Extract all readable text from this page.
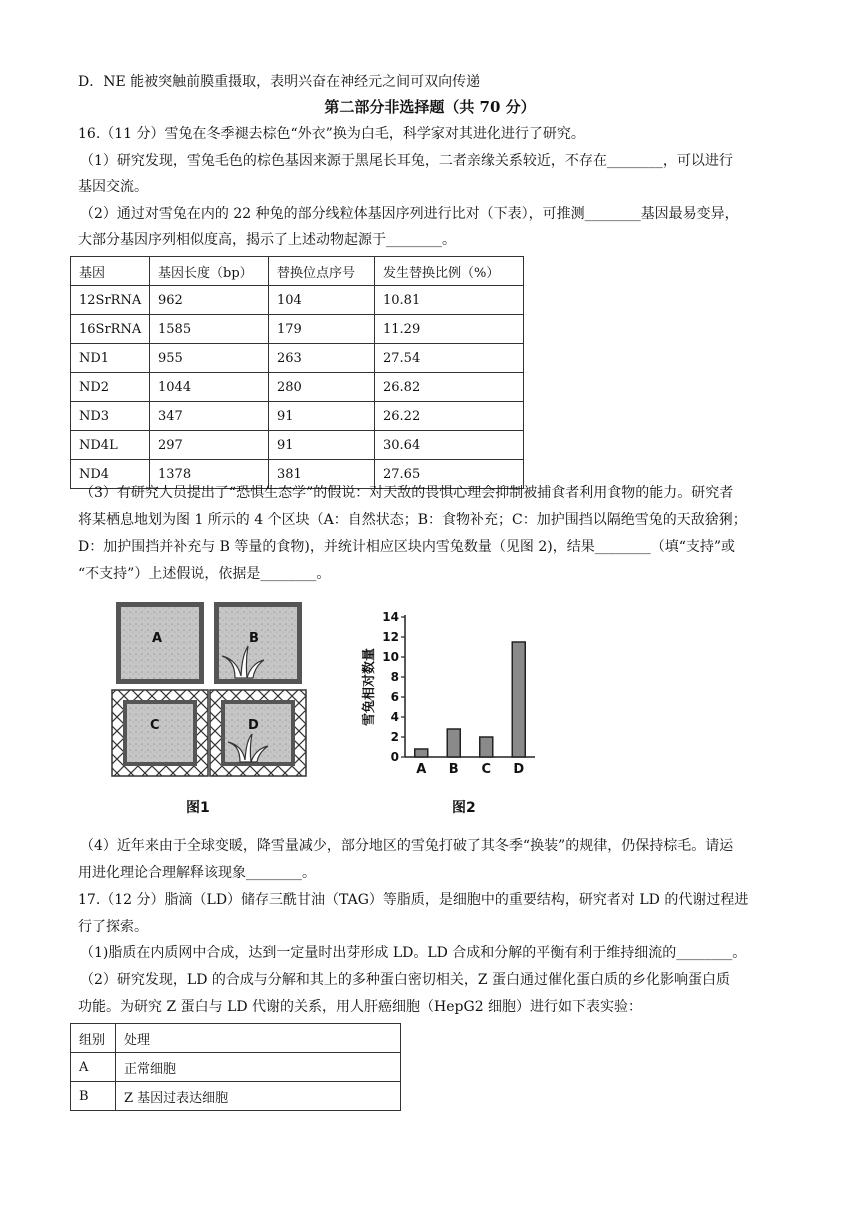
D．NE 能被突触前膜重摄取，表明兴奋在神经元之间可双向传递
第二部分非选择题（共 70 分）
16.（11 分）雪兔在冬季褪去棕色“外衣”换为白毛，科学家对其进化进行了研究。
（1）研究发现，雪兔毛色的棕色基因来源于黑尾长耳兔，二者亲缘关系较近，不存在________，可以进行
基因交流。
（2）通过对雪兔在内的 22 种兔的部分线粒体基因序列进行比对（下表），可推测________基因最易变异，
大部分基因序列相似度高，揭示了上述动物起源于________。
基因	基因长度（bp）	替换位点序号	发生替换比例（%）
12SrRNA	962	104	10.81
16SrRNA	1585	179	11.29
ND1	955	263	27.54
ND2	1044	280	26.82
ND3	347	91	26.22
ND4L	297	91	30.64
ND4	1378	381	27.65
（3）有研究人员提出了“恐惧生态学”的假说：对天敌的畏惧心理会抑制被捕食者利用食物的能力。研究者
将某栖息地划为图 1 所示的 4 个区块（A：自然状态；B：食物补充；C：加护围挡以隔绝雪兔的天敌猞猁；
D：加护围挡并补充与 B 等量的食物)，并统计相应区块内雪兔数量（见图 2)，结果________（填“支持”或
“不支持”）上述假说，依据是________。
A	B
C	D
图1
0
2
4
6
8
10
12
14
雪兔相对数量
A B C D
图2
（4）近年来由于全球变暖，降雪量减少，部分地区的雪兔打破了其冬季“换装”的规律，仍保持棕毛。请运
用进化理论合理解释该现象________。
17.（12 分）脂滴（LD）储存三酰甘油（TAG）等脂质，是细胞中的重要结构，研究者对 LD 的代谢过程进
行了探索。
（1)脂质在内质网中合成，达到一定量时出芽形成 LD。LD 合成和分解的平衡有利于维持细流的________。
（2）研究发现，LD 的合成与分解和其上的多种蛋白密切相关，Z 蛋白通过催化蛋白质的乡化影响蛋白质
功能。为研究 Z 蛋白与 LD 代谢的关系，用人肝癌细胞（HepG2 细胞）进行如下表实验：
组别	处理
A	正常细胞
B	Z 基因过表达细胞
